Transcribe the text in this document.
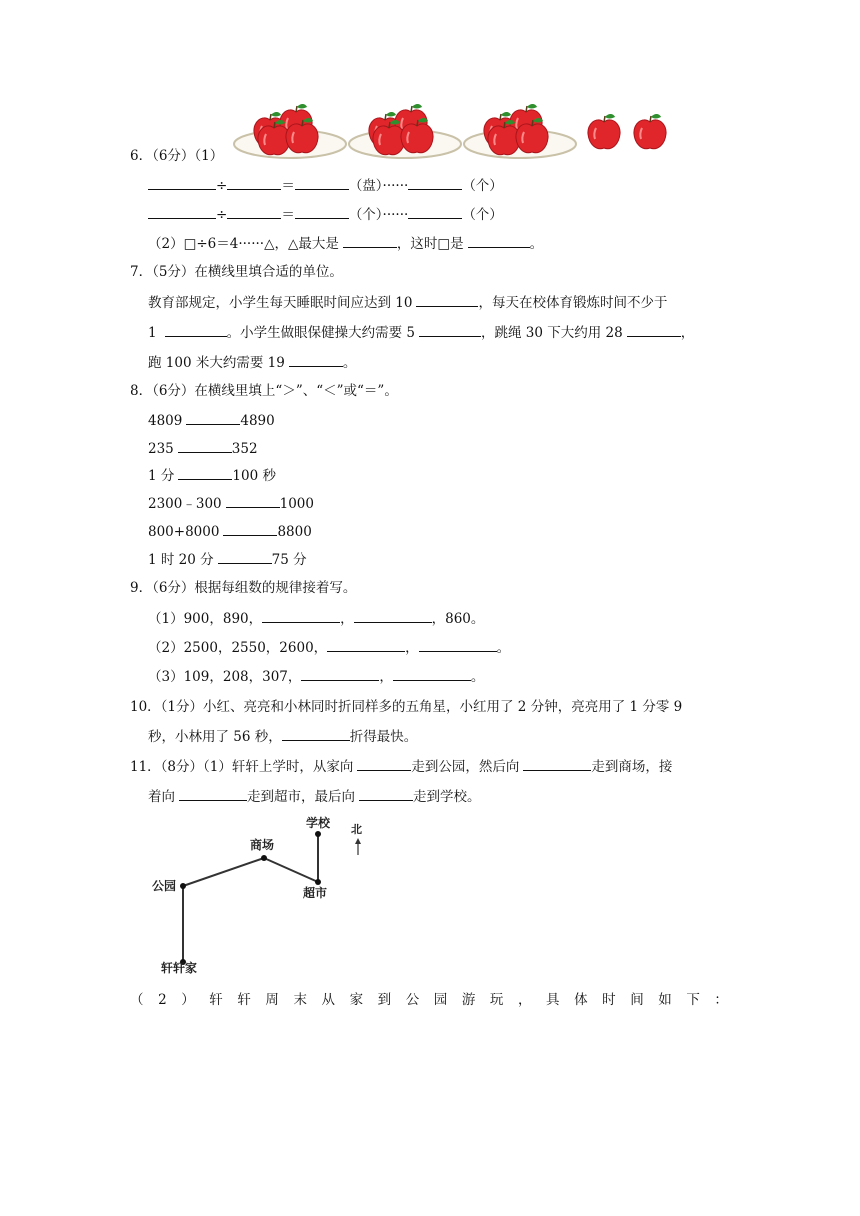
6．（6分）（1）
÷	＝	（盘）······	（个）
÷	＝	（个）······	（个）
（2）□÷6＝4······△，△最大是	，这时□是	。
7．（5分）在横线里填合适的单位。
教育部规定，小学生每天睡眠时间应达到 10	，每天在校体育锻炼时间不少于
1	。小学生做眼保健操大约需要 5	，跳绳 30 下大约用 28	，
跑 100 米大约需要 19	。
8．（6分）在横线里填上“＞”、“＜”或“＝”。
4809	4890
235	352
1 分	100 秒
2300﹣300	1000
800+8000	8800
1 时 20 分	75 分
9．（6分）根据每组数的规律接着写。
（1）900，890，	，	，860。
（2）2500，2550，2600，	，	。
（3）109，208，307，	，	。
10．（1分）小红、亮亮和小林同时折同样多的五角星，小红用了 2 分钟，亮亮用了 1 分零 9
秒，小林用了 56 秒，	折得最快。
11．（8分）（1）轩轩上学时，从家向	走到公园，然后向	走到商场，接
着向	走到超市，最后向	走到学校。
学校 北
商场
公园	超市
轩轩家
（ 2 ） 轩 轩 周 末 从 家 到 公 园 游 玩 ， 具 体 时 间 如 下 ：
